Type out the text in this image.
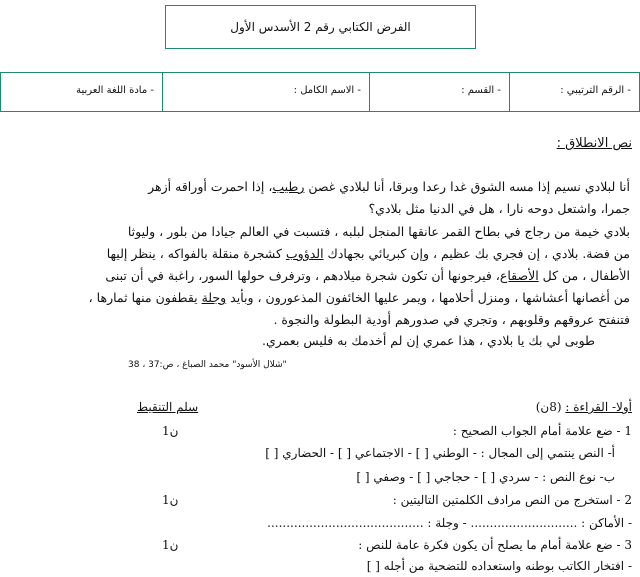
الفرض الكتابي رقم 2 الأسدس الأول
- الرقم الترتيبي :
- القسم :
- الاسم الكامل :
- مادة اللغة العربية
نص الانطلاق :
أنا لبلادي نسيم إذا مسه الشوق غدا رعدا وبرقا، أنا لبلادي غصن رطيب، إذا احمرت أوراقه أزهر
جمرا، واشتعل دوحه نارا ، هل في الدنيا مثل بلادي؟
بلادي خيمة من رجاج في بطاح القمر عانقها المنجل لبلبه ، فتسبت في العالم جيادا من بلور ، وليوثا
من فضة. بلادي ، إن فجري بك عظيم ، وإن كبريائي بجهادك الدؤوب كشجرة منقلة بالفواكه ، ينظر إليها
الأطفال ، من كل الأصقاع، فيرجونها أن تكون شجرة ميلادهم ، وترفرف حولها السور، راغبة في أن تبنى
من أغصانها أعشاشها ، ومنزل أحلامها ، ويمر عليها الخائفون المذعورون ، وبأيد وجلة يقطفون منها ثمارها ،
فتنفتح عروقهم وقلوبهم ، وتجري في صدورهم أودية البطولة والنجوة .
طوبى لي بك يا بلادي ، هذا عمري إن لم أخدمك به فليس بعمري.
"شلال الأسود" محمد الصباغ ، ص:37 ، 38
أولا- القراءة : (8ن)
سلم التنقيط
1 - ضع علامة أمام الجواب الصحيح :
1ن
أ- النص ينتمي إلى المجال : - الوطني [ ] - الاجتماعي [ ] - الحضاري [ ]
ب- نوع النص : - سردي [ ] - حجاجي [ ] - وصفي [ ]
2 - استخرج من النص مرادف الكلمتين التاليتين :
1ن
- الأماكن : ............................ - وجلة : .........................................
3 - ضع علامة أمام ما يصلح أن يكون فكرة عامة للنص :
1ن
- افتخار الكاتب بوطنه واستعداده للتضحية من أجله [ ]
